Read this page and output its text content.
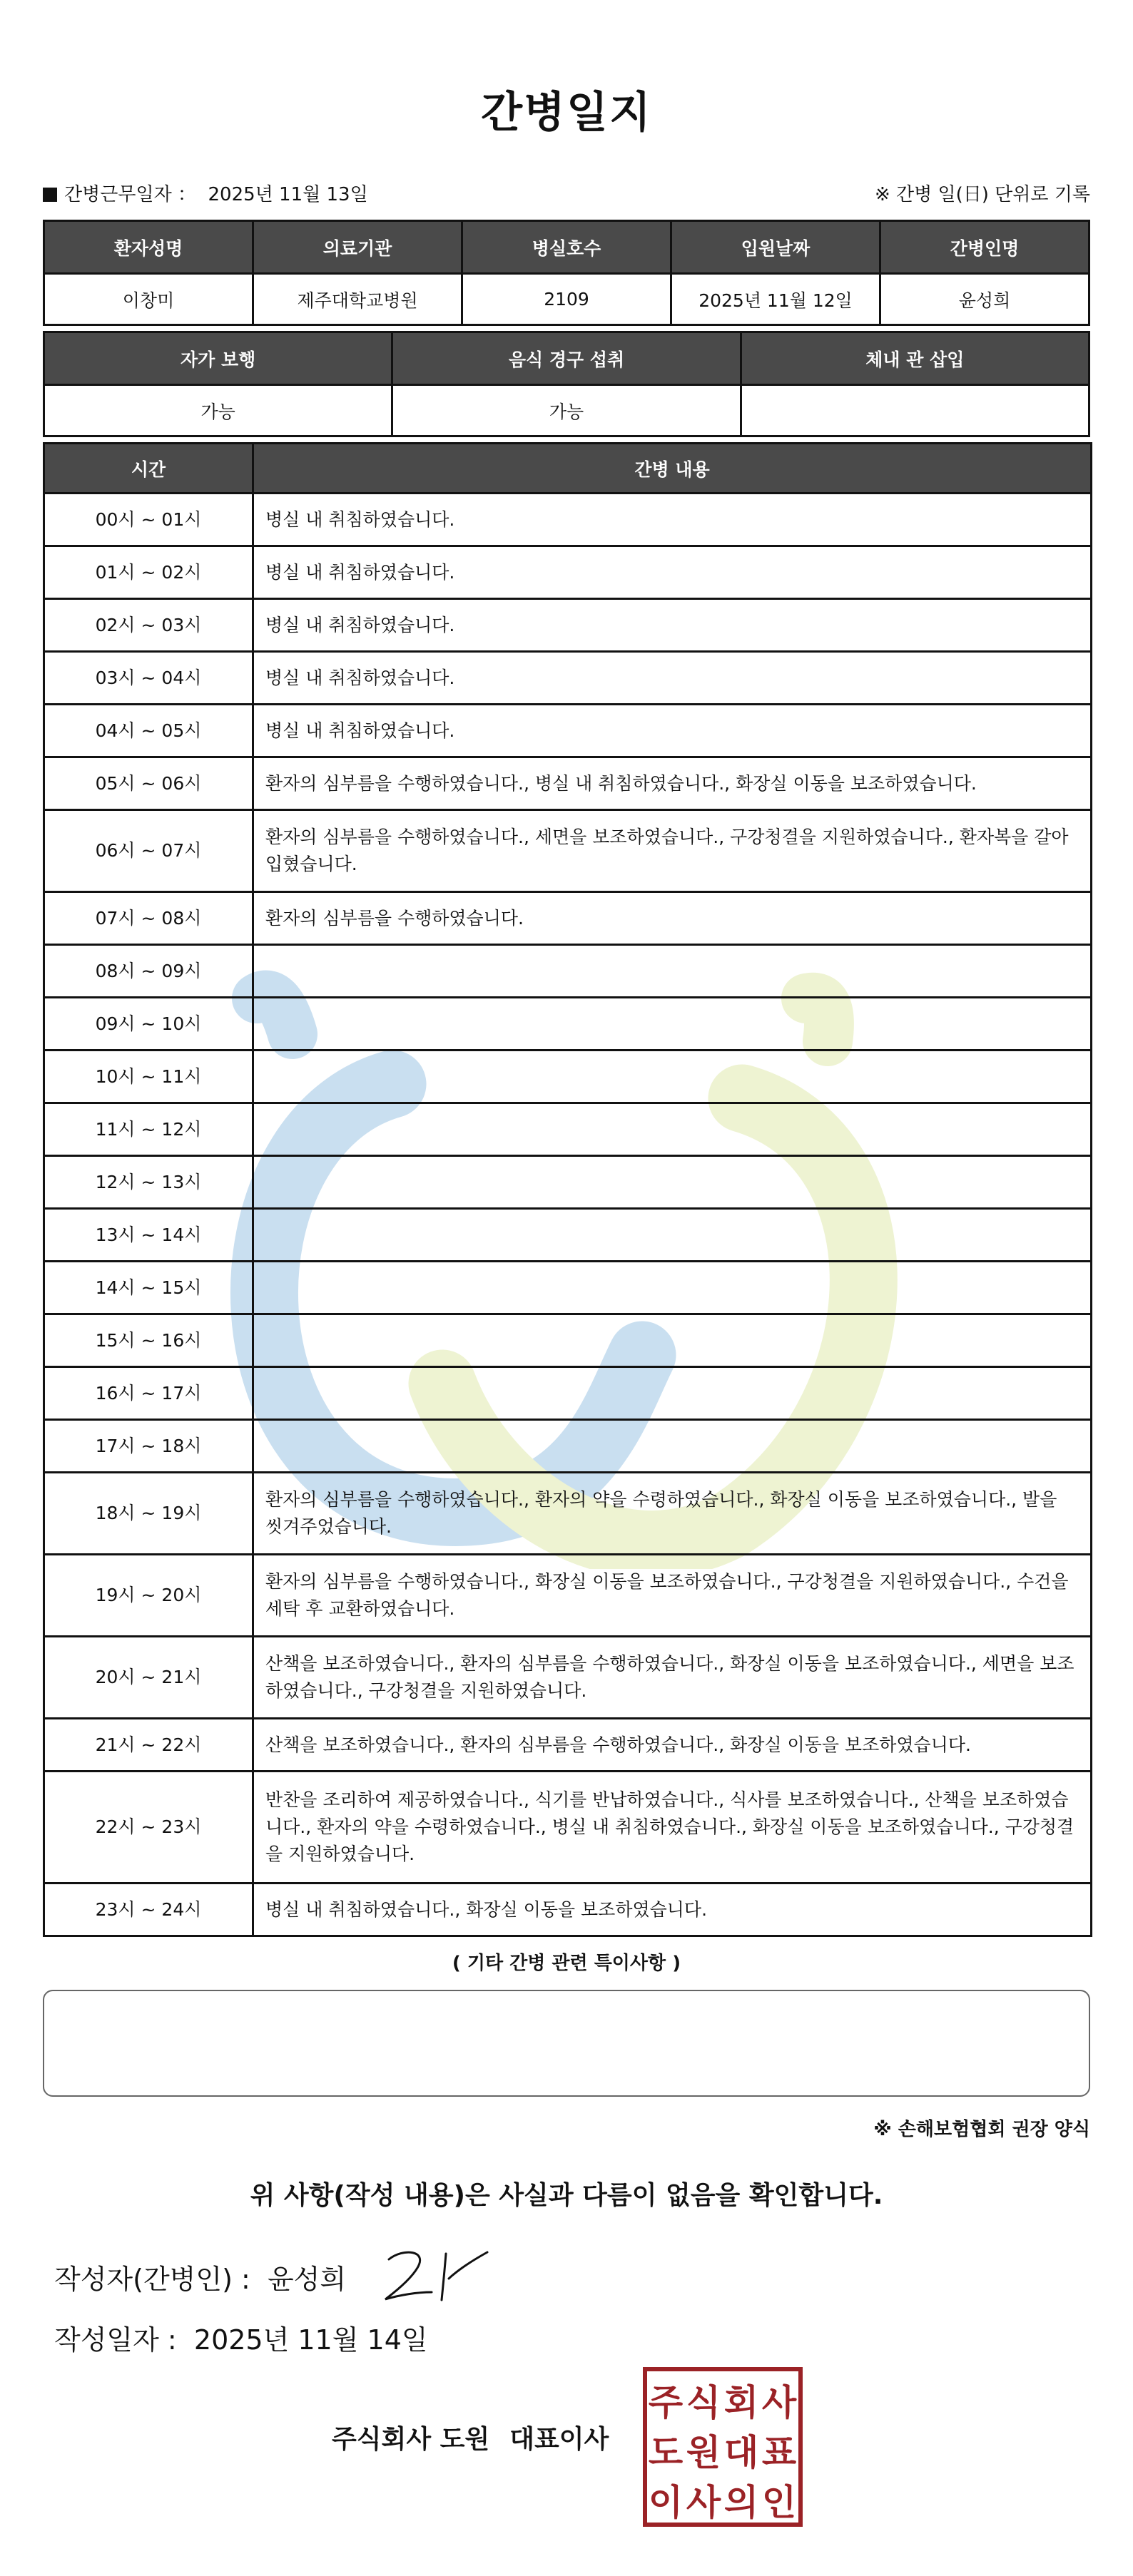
간병일지
간병근무일자 ： 2025년 11월 13일	※ 간병 일(日) 단위로 기록
환자성명	의료기관	병실호수	입원날짜	간병인명
이창미	제주대학교병원	2109	2025년 11월 12일	윤성희
자가 보행	음식 경구 섭취	체내 관 삽입
가능	가능	
시간	간병 내용
00시 ~ 01시	병실 내 취침하였습니다.
01시 ~ 02시	병실 내 취침하였습니다.
02시 ~ 03시	병실 내 취침하였습니다.
03시 ~ 04시	병실 내 취침하였습니다.
04시 ~ 05시	병실 내 취침하였습니다.
05시 ~ 06시	환자의 심부름을 수행하였습니다., 병실 내 취침하였습니다., 화장실 이동을 보조하였습니다.
06시 ~ 07시	환자의 심부름을 수행하였습니다., 세면을 보조하였습니다., 구강청결을 지원하였습니다., 환자복을 갈아입혔습니다.
07시 ~ 08시	환자의 심부름을 수행하였습니다.
08시 ~ 09시	
09시 ~ 10시	
10시 ~ 11시	
11시 ~ 12시	
12시 ~ 13시	
13시 ~ 14시	
14시 ~ 15시	
15시 ~ 16시	
16시 ~ 17시	
17시 ~ 18시	
18시 ~ 19시	환자의 심부름을 수행하였습니다., 환자의 약을 수령하였습니다., 화장실 이동을 보조하였습니다., 발을 씻겨주었습니다.
19시 ~ 20시	환자의 심부름을 수행하였습니다., 화장실 이동을 보조하였습니다., 구강청결을 지원하였습니다., 수건을 세탁 후 교환하였습니다.
20시 ~ 21시	산책을 보조하였습니다., 환자의 심부름을 수행하였습니다., 화장실 이동을 보조하였습니다., 세면을 보조하였습니다., 구강청결을 지원하였습니다.
21시 ~ 22시	산책을 보조하였습니다., 환자의 심부름을 수행하였습니다., 화장실 이동을 보조하였습니다.
22시 ~ 23시	반찬을 조리하여 제공하였습니다., 식기를 반납하였습니다., 식사를 보조하였습니다., 산책을 보조하였습니다., 환자의 약을 수령하였습니다., 병실 내 취침하였습니다., 화장실 이동을 보조하였습니다., 구강청결을 지원하였습니다.
23시 ~ 24시	병실 내 취침하였습니다., 화장실 이동을 보조하였습니다.
( 기타 간병 관련 특이사항 )
※ 손해보험협회 권장 양식
위 사항(작성 내용)은 사실과 다름이 없음을 확인합니다.
작성자(간병인) : 윤성희
작성일자 : 2025년 11월 14일
주식회사 도원 대표이사
주 식 회 사
도 원 대 표
이 사 의 인
